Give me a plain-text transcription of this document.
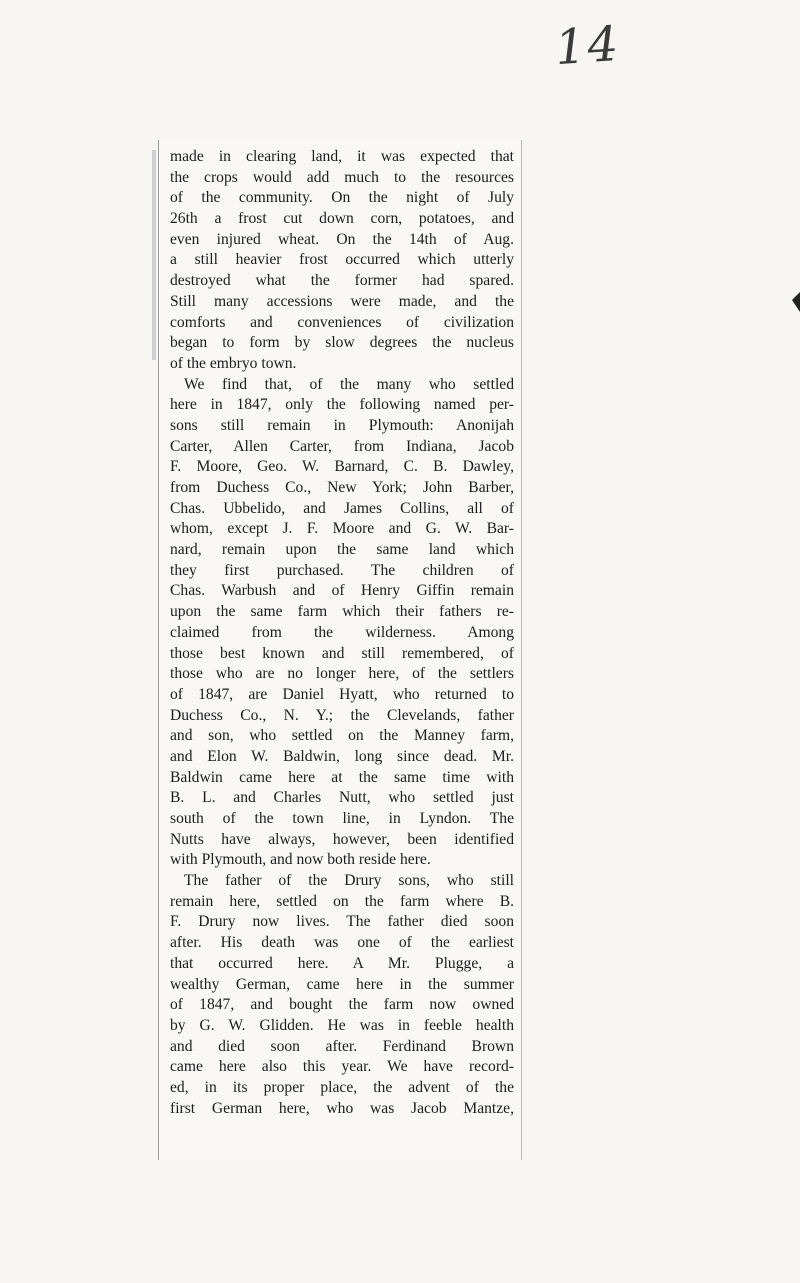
14
made in clearing land, it was expected that
the crops would add much to the resources
of the community. On the night of July
26th a frost cut down corn, potatoes, and
even injured wheat. On the 14th of Aug.
a still heavier frost occurred which utterly
destroyed what the former had spared.
Still many accessions were made, and the
comforts and conveniences of civilization
began to form by slow degrees the nucleus
of the embryo town.
We find that, of the many who settled
here in 1847, only the following named per-
sons still remain in Plymouth: Anonijah
Carter, Allen Carter, from Indiana, Jacob
F. Moore, Geo. W. Barnard, C. B. Dawley,
from Duchess Co., New York; John Barber,
Chas. Ubbelido, and James Collins, all of
whom, except J. F. Moore and G. W. Bar-
nard, remain upon the same land which
they first purchased. The children of
Chas. Warbush and of Henry Giffin remain
upon the same farm which their fathers re-
claimed from the wilderness. Among
those best known and still remembered, of
those who are no longer here, of the settlers
of 1847, are Daniel Hyatt, who returned to
Duchess Co., N. Y.; the Clevelands, father
and son, who settled on the Manney farm,
and Elon W. Baldwin, long since dead. Mr.
Baldwin came here at the same time with
B. L. and Charles Nutt, who settled just
south of the town line, in Lyndon. The
Nutts have always, however, been identified
with Plymouth, and now both reside here.
The father of the Drury sons, who still
remain here, settled on the farm where B.
F. Drury now lives. The father died soon
after. His death was one of the earliest
that occurred here. A Mr. Plugge, a
wealthy German, came here in the summer
of 1847, and bought the farm now owned
by G. W. Glidden. He was in feeble health
and died soon after. Ferdinand Brown
came here also this year. We have record-
ed, in its proper place, the advent of the
first German here, who was Jacob Mantze,
